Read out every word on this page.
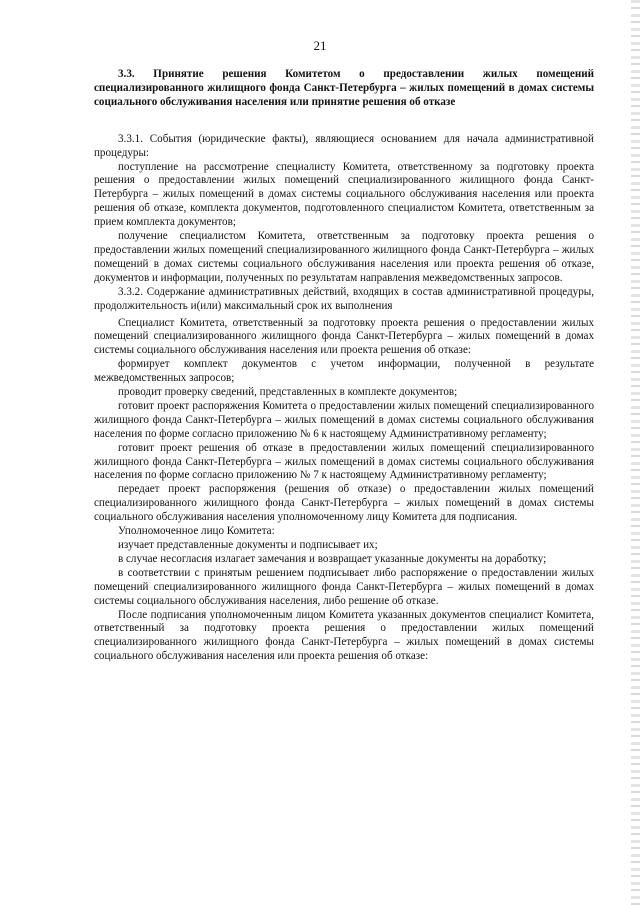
21

3.3. Принятие решения Комитетом о предоставлении жилых помещений специализированного жилищного фонда Санкт-Петербурга – жилых помещений в домах системы социального обслуживания населения или принятие решения об отказе

3.3.1. События (юридические факты), являющиеся основанием для начала административной процедуры:

поступление на рассмотрение специалисту Комитета, ответственному за подготовку проекта решения о предоставлении жилых помещений специализированного жилищного фонда Санкт-Петербурга – жилых помещений в домах системы социального обслуживания населения или проекта решения об отказе, комплекта документов, подготовленного специалистом Комитета, ответственным за прием комплекта документов;

получение специалистом Комитета, ответственным за подготовку проекта решения о предоставлении жилых помещений специализированного жилищного фонда Санкт-Петербурга – жилых помещений в домах системы социального обслуживания населения или проекта решения об отказе, документов и информации, полученных по результатам направления межведомственных запросов.

3.3.2. Содержание административных действий, входящих в состав административной процедуры, продолжительность и(или) максимальный срок их выполнения

Специалист Комитета, ответственный за подготовку проекта решения о предоставлении жилых помещений специализированного жилищного фонда Санкт-Петербурга – жилых помещений в домах системы социального обслуживания населения или проекта решения об отказе:

формирует комплект документов с учетом информации, полученной в результате межведомственных запросов;

проводит проверку сведений, представленных в комплекте документов;

готовит проект распоряжения Комитета о предоставлении жилых помещений специализированного жилищного фонда Санкт-Петербурга – жилых помещений в домах системы социального обслуживания населения по форме согласно приложению № 6 к настоящему Административному регламенту;

готовит проект решения об отказе в предоставлении жилых помещений специализированного жилищного фонда Санкт-Петербурга – жилых помещений в домах системы социального обслуживания населения по форме согласно приложению № 7 к настоящему Административному регламенту;

передает проект распоряжения (решения об отказе) о предоставлении жилых помещений специализированного жилищного фонда Санкт-Петербурга – жилых помещений в домах системы социального обслуживания населения уполномоченному лицу Комитета для подписания.

Уполномоченное лицо Комитета:

изучает представленные документы и подписывает их;

в случае несогласия излагает замечания и возвращает указанные документы на доработку;

в соответствии с принятым решением подписывает либо распоряжение о предоставлении жилых помещений специализированного жилищного фонда Санкт-Петербурга – жилых помещений в домах системы социального обслуживания населения, либо решение об отказе.

После подписания уполномоченным лицом Комитета указанных документов специалист Комитета, ответственный за подготовку проекта решения о предоставлении жилых помещений специализированного жилищного фонда Санкт-Петербурга – жилых помещений в домах системы социального обслуживания населения или проекта решения об отказе:
